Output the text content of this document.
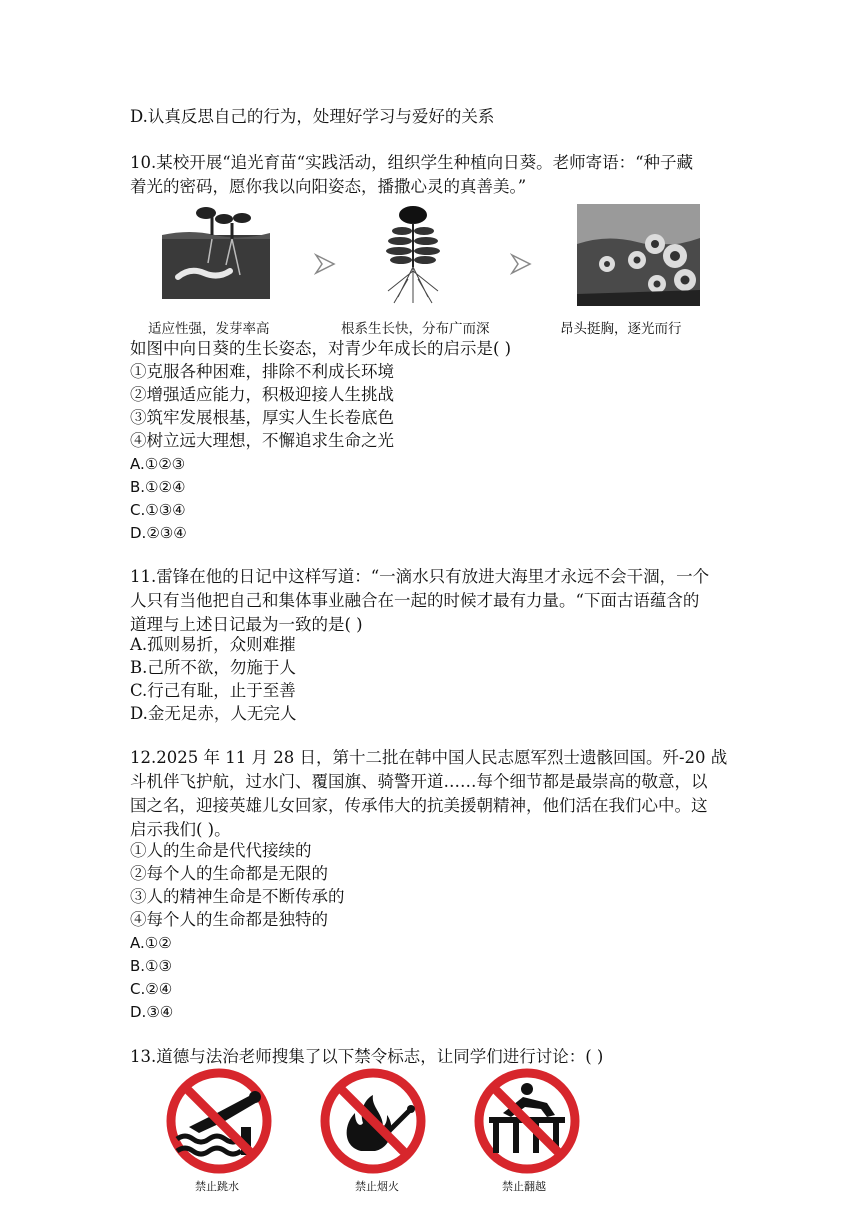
D.认真反思自己的行为，处理好学习与爱好的关系
10.某校开展“追光育苗“实践活动，组织学生种植向日葵。老师寄语：“种子藏
着光的密码，愿你我以向阳姿态，播撒心灵的真善美。”
适应性强，发芽率高	根系生长快，分布广而深	昂头挺胸，逐光而行
如图中向日葵的生长姿态，对青少年成长的启示是( )
①克服各种困难，排除不利成长环境
②增强适应能力，积极迎接人生挑战
③筑牢发展根基，厚实人生长卷底色
④树立远大理想，不懈追求生命之光
A.①②③
B.①②④
C.①③④
D.②③④
11.雷锋在他的日记中这样写道：“一滴水只有放进大海里才永远不会干涸，一个
人只有当他把自己和集体事业融合在一起的时候才最有力量。“下面古语蕴含的
道理与上述日记最为一致的是( )
A.孤则易折，众则难摧
B.己所不欲，勿施于人
C.行己有耻，止于至善
D.金无足赤，人无完人
12.2025 年 11 月 28 日，第十二批在韩中国人民志愿军烈士遗骸回国。歼-20 战
斗机伴飞护航，过水门、覆国旗、骑警开道……每个细节都是最崇高的敬意，以
国之名，迎接英雄儿女回家，传承伟大的抗美援朝精神，他们活在我们心中。这
启示我们( )。
①人的生命是代代接续的
②每个人的生命都是无限的
③人的精神生命是不断传承的
④每个人的生命都是独特的
A.①②
B.①③
C.②④
D.③④
13.道德与法治老师搜集了以下禁令标志，让同学们进行讨论：( )
禁止跳水	禁止烟火	禁止翻越
